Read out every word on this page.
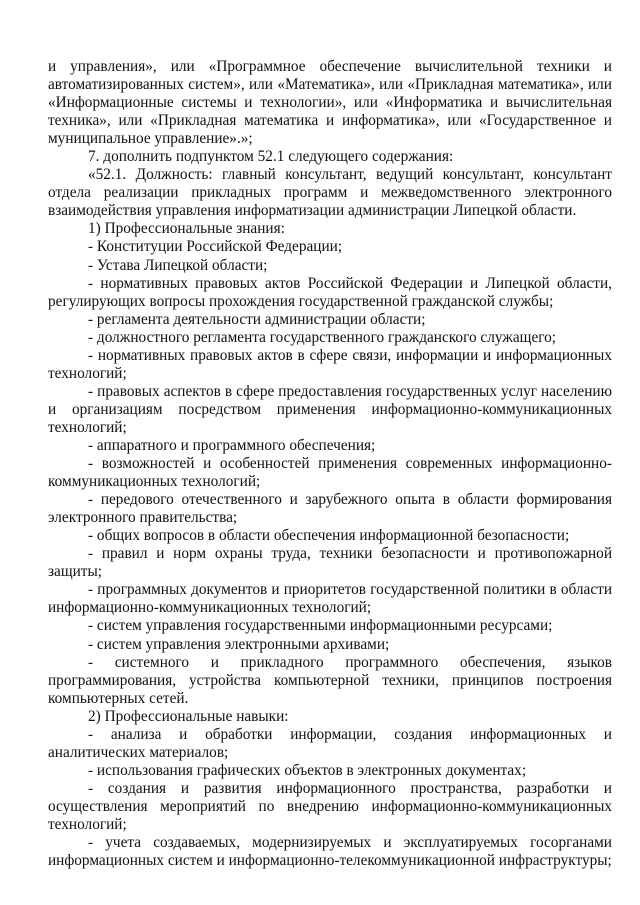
и управления», или «Программное обеспечение вычислительной техники и автоматизированных систем», или «Математика», или «Прикладная математика», или «Информационные системы и технологии», или «Информатика и вычислительная техника», или «Прикладная математика и информатика», или «Государственное и муниципальное управление».»;

7. дополнить подпунктом 52.1 следующего содержания:

«52.1. Должность: главный консультант, ведущий консультант, консультант отдела реализации прикладных программ и межведомственного электронного взаимодействия управления информатизации администрации Липецкой области.

1) Профессиональные знания:

- Конституции Российской Федерации;

- Устава Липецкой области;

- нормативных правовых актов Российской Федерации и Липецкой области, регулирующих вопросы прохождения государственной гражданской службы;

- регламента деятельности администрации области;

- должностного регламента государственного гражданского служащего;

- нормативных правовых актов в сфере связи, информации и информационных технологий;

- правовых аспектов в сфере предоставления государственных услуг населению и организациям посредством применения информационно-коммуникационных технологий;

- аппаратного и программного обеспечения;

- возможностей и особенностей применения современных информационно-коммуникационных технологий;

- передового отечественного и зарубежного опыта в области формирования электронного правительства;

- общих вопросов в области обеспечения информационной безопасности;

- правил и норм охраны труда, техники безопасности и противопожарной защиты;

- программных документов и приоритетов государственной политики в области информационно-коммуникационных технологий;

- систем управления государственными информационными ресурсами;

- систем управления электронными архивами;

- системного и прикладного программного обеспечения, языков программирования, устройства компьютерной техники, принципов построения компьютерных сетей.

2) Профессиональные навыки:

- анализа и обработки информации, создания информационных и аналитических материалов;

- использования графических объектов в электронных документах;

- создания и развития информационного пространства, разработки и осуществления мероприятий по внедрению информационно-коммуникационных технологий;

- учета создаваемых, модернизируемых и эксплуатируемых госорганами информационных систем и информационно-телекоммуникационной инфраструктуры;
